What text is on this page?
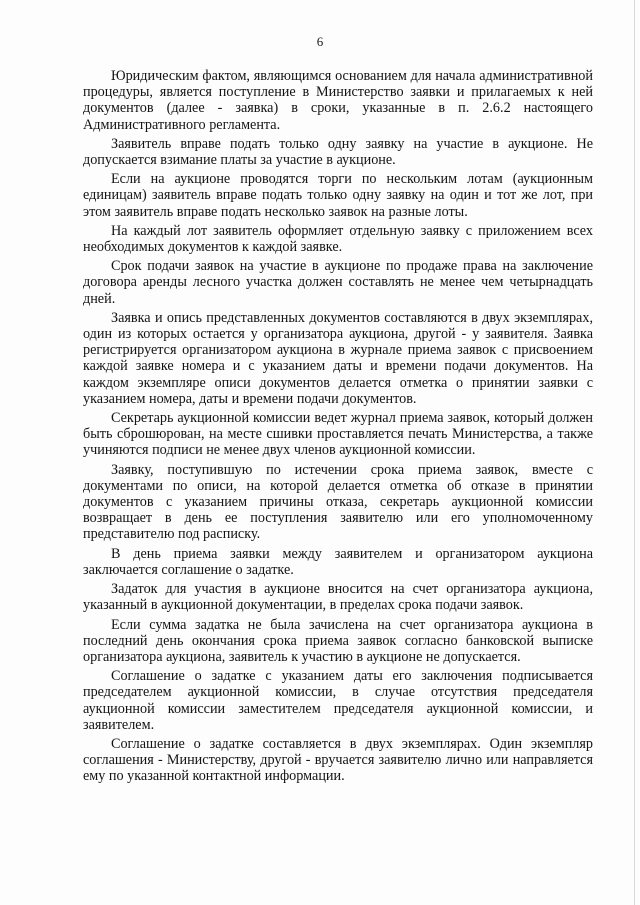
6

Юридическим фактом, являющимся основанием для начала административной процедуры, является поступление в Министерство заявки и прилагаемых к ней документов (далее - заявка) в сроки, указанные в п. 2.6.2 настоящего Административного регламента.

Заявитель вправе подать только одну заявку на участие в аукционе. Не допускается взимание платы за участие в аукционе.

Если на аукционе проводятся торги по нескольким лотам (аукционным единицам) заявитель вправе подать только одну заявку на один и тот же лот, при этом заявитель вправе подать несколько заявок на разные лоты.

На каждый лот заявитель оформляет отдельную заявку с приложением всех необходимых документов к каждой заявке.

Срок подачи заявок на участие в аукционе по продаже права на заключение договора аренды лесного участка должен составлять не менее чем четырнадцать дней.

Заявка и опись представленных документов составляются в двух экземплярах, один из которых остается у организатора аукциона, другой - у заявителя. Заявка регистрируется организатором аукциона в журнале приема заявок с присвоением каждой заявке номера и с указанием даты и времени подачи документов. На каждом экземпляре описи документов делается отметка о принятии заявки с указанием номера, даты и времени подачи документов.

Секретарь аукционной комиссии ведет журнал приема заявок, который должен быть сброшюрован, на месте сшивки проставляется печать Министерства, а также учиняются подписи не менее двух членов аукционной комиссии.

Заявку, поступившую по истечении срока приема заявок, вместе с документами по описи, на которой делается отметка об отказе в принятии документов с указанием причины отказа, секретарь аукционной комиссии возвращает в день ее поступления заявителю или его уполномоченному представителю под расписку.

В день приема заявки между заявителем и организатором аукциона заключается соглашение о задатке.

Задаток для участия в аукционе вносится на счет организатора аукциона, указанный в аукционной документации, в пределах срока подачи заявок.

Если сумма задатка не была зачислена на счет организатора аукциона в последний день окончания срока приема заявок согласно банковской выписке организатора аукциона, заявитель к участию в аукционе не допускается.

Соглашение о задатке с указанием даты его заключения подписывается председателем аукционной комиссии, в случае отсутствия председателя аукционной комиссии заместителем председателя аукционной комиссии, и заявителем.

Соглашение о задатке составляется в двух экземплярах. Один экземпляр соглашения - Министерству, другой - вручается заявителю лично или направляется ему по указанной контактной информации.
